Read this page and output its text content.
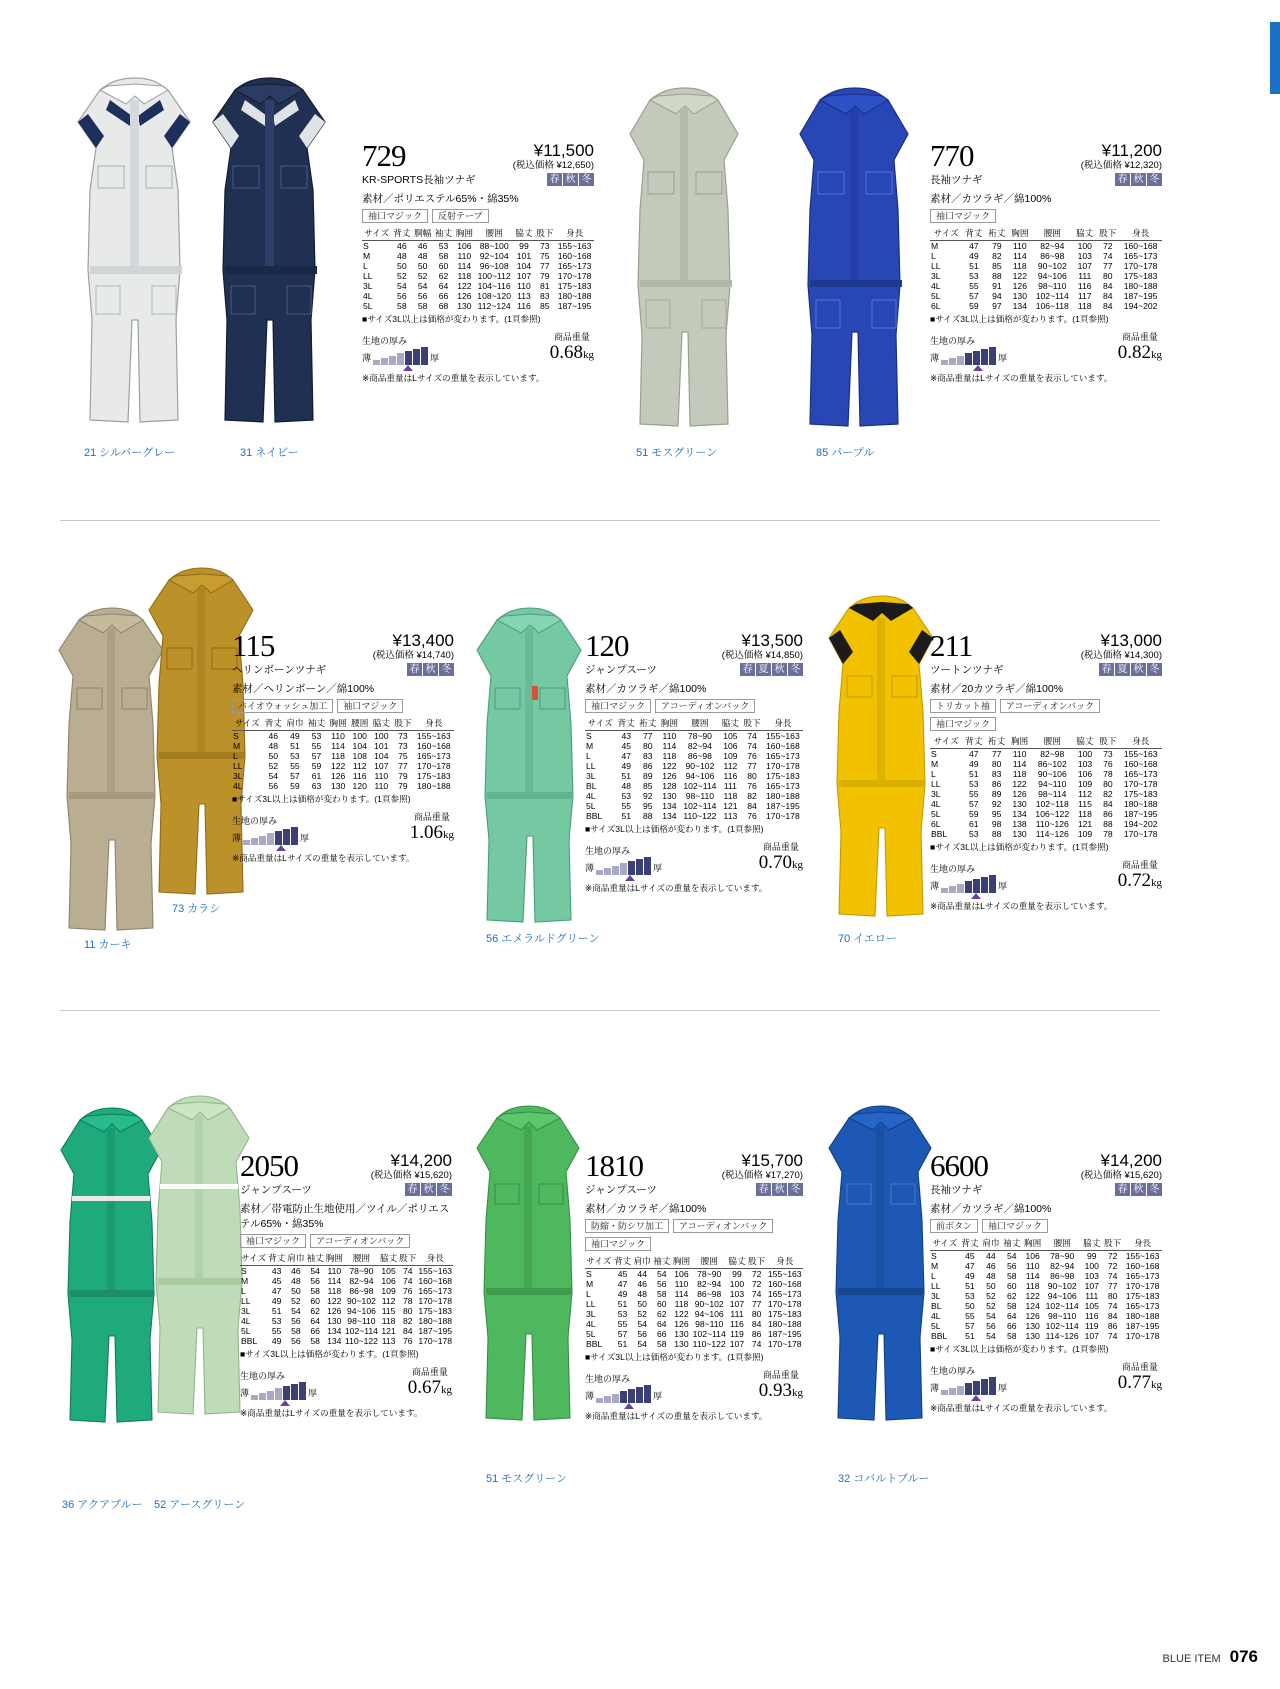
21 シルバーグレー	31 ネイビー	51 モスグリーン	85 パープル
729	¥11,500
(税込価格 ¥12,650)
KR-SPORTS長袖ツナギ	春 秋 冬
素材／ポリエステル65%・綿35%
袖口マジック	反射テープ
サイズ	背丈	胴幅	袖丈	胸囲	腰囲	脇丈	股下	身長
S	46	46	53	106	88~100	99	73	155~163
M	48	48	58	110	92~104	101	75	160~168
L	50	50	60	114	96~108	104	77	165~173
LL	52	52	62	118	100~112	107	79	170~178
3L	54	54	64	122	104~116	110	81	175~183
4L	56	56	66	126	108~120	113	83	180~188
5L	58	58	68	130	112~124	116	85	187~195
■サイズ3L以上は価格が変わります。(1頁参照)
生地の厚み
薄	厚
商品重量
0.68kg
※商品重量はLサイズの重量を表示しています。
770	¥11,200
(税込価格 ¥12,320)
長袖ツナギ	春 秋 冬
素材／カツラギ／綿100%
袖口マジック
サイズ	背丈	裄丈	胸囲	腰囲	脇丈	股下	身長
M	47	79	110	82~94	100	72	160~168
L	49	82	114	86~98	103	74	165~173
LL	51	85	118	90~102	107	77	170~178
3L	53	88	122	94~106	111	80	175~183
4L	55	91	126	98~110	116	84	180~188
5L	57	94	130	102~114	117	84	187~195
6L	59	97	134	106~118	118	84	194~202
■サイズ3L以上は価格が変わります。(1頁参照)
生地の厚み
薄	厚
商品重量
0.82kg
※商品重量はLサイズの重量を表示しています。
73 カラシ
11 カーキ	56 エメラルドグリーン	70 イエロー
115	¥13,400
(税込価格 ¥14,740)
ヘリンボーンツナギ	春 秋 冬
素材／ヘリンボーン／綿100%
バイオウォッシュ加工	袖口マジック
サイズ	背丈	肩巾	袖丈	胸囲	腰囲	脇丈	股下	身長
S	46	49	53	110	100	100	73	155~163
M	48	51	55	114	104	101	73	160~168
L	50	53	57	118	108	104	75	165~173
LL	52	55	59	122	112	107	77	170~178
3L	54	57	61	126	116	110	79	175~183
4L	56	59	63	130	120	110	79	180~188
■サイズ3L以上は価格が変わります。(1頁参照)
生地の厚み
薄	厚
商品重量
1.06kg
※商品重量はLサイズの重量を表示しています。
120	¥13,500
(税込価格 ¥14,850)
ジャンプスーツ	春 夏 秋 冬
素材／カツラギ／綿100%
袖口マジック	アコーディオンバック
サイズ	背丈	裄丈	胸囲	腰囲	脇丈	股下	身長
S	43	77	110	78~90	105	74	155~163
M	45	80	114	82~94	106	74	160~168
L	47	83	118	86~98	109	76	165~173
LL	49	86	122	90~102	112	77	170~178
3L	51	89	126	94~106	116	80	175~183
BL	48	85	128	102~114	111	76	165~173
4L	53	92	130	98~110	118	82	180~188
5L	55	95	134	102~114	121	84	187~195
BBL	51	88	134	110~122	113	76	170~178
■サイズ3L以上は価格が変わります。(1頁参照)
生地の厚み
薄	厚
商品重量
0.70kg
※商品重量はLサイズの重量を表示しています。
211	¥13,000
(税込価格 ¥14,300)
ツートンツナギ	春 夏 秋 冬
素材／20カツラギ／綿100%
トリカット袖	アコーディオンバック
袖口マジック
サイズ	背丈	裄丈	胸囲	腰囲	脇丈	股下	身長
S	47	77	110	82~98	100	73	155~163
M	49	80	114	86~102	103	76	160~168
L	51	83	118	90~106	106	78	165~173
LL	53	86	122	94~110	109	80	170~178
3L	55	89	126	98~114	112	82	175~183
4L	57	92	130	102~118	115	84	180~188
5L	59	95	134	106~122	118	86	187~195
6L	61	98	138	110~126	121	88	194~202
BBL	53	88	130	114~126	109	78	170~178
■サイズ3L以上は価格が変わります。(1頁参照)
生地の厚み
薄	厚
商品重量
0.72kg
※商品重量はLサイズの重量を表示しています。
36 アクアブルー 52 アースグリーン
51 モスグリーン	32 コバルトブルー
2050	¥14,200
(税込価格 ¥15,620)
ジャンプスーツ	春 秋 冬
素材／帯電防止生地使用／ツイル／ポリエステル65%・綿35%
袖口マジック	アコーディオンバック
サイズ	背丈	肩巾	袖丈	胸囲	腰囲	脇丈	股下	身長
S	43	46	54	110	78~90	105	74	155~163
M	45	48	56	114	82~94	106	74	160~168
L	47	50	58	118	86~98	109	76	165~173
LL	49	52	60	122	90~102	112	78	170~178
3L	51	54	62	126	94~106	115	80	175~183
4L	53	56	64	130	98~110	118	82	180~188
5L	55	58	66	134	102~114	121	84	187~195
BBL	49	56	58	134	110~122	113	76	170~178
■サイズ3L以上は価格が変わります。(1頁参照)
生地の厚み
薄	厚
商品重量
0.67kg
※商品重量はLサイズの重量を表示しています。
1810	¥15,700
(税込価格 ¥17,270)
ジャンプスーツ	春 秋 冬
素材／カツラギ／綿100%
防縮・防シワ加工	アコーディオンバック
袖口マジック
サイズ	背丈	肩巾	袖丈	胸囲	腰囲	脇丈	股下	身長
S	45	44	54	106	78~90	99	72	155~163
M	47	46	56	110	82~94	100	72	160~168
L	49	48	58	114	86~98	103	74	165~173
LL	51	50	60	118	90~102	107	77	170~178
3L	53	52	62	122	94~106	111	80	175~183
4L	55	54	64	126	98~110	116	84	180~188
5L	57	56	66	130	102~114	119	86	187~195
BBL	51	54	58	130	110~122	107	74	170~178
■サイズ3L以上は価格が変わります。(1頁参照)
生地の厚み
薄	厚
商品重量
0.93kg
※商品重量はLサイズの重量を表示しています。
6600	¥14,200
(税込価格 ¥15,620)
長袖ツナギ	春 秋 冬
素材／カツラギ／綿100%
前ボタン	袖口マジック
サイズ	背丈	肩巾	袖丈	胸囲	腰囲	脇丈	股下	身長
S	45	44	54	106	78~90	99	72	155~163
M	47	46	56	110	82~94	100	72	160~168
L	49	48	58	114	86~98	103	74	165~173
LL	51	50	60	118	90~102	107	77	170~178
3L	53	52	62	122	94~106	111	80	175~183
BL	50	52	58	124	102~114	105	74	165~173
4L	55	54	64	126	98~110	116	84	180~188
5L	57	56	66	130	102~114	119	86	187~195
BBL	51	54	58	130	114~126	107	74	170~178
■サイズ3L以上は価格が変わります。(1頁参照)
生地の厚み
薄	厚
商品重量
0.77kg
※商品重量はLサイズの重量を表示しています。
BLUE ITEM 076
